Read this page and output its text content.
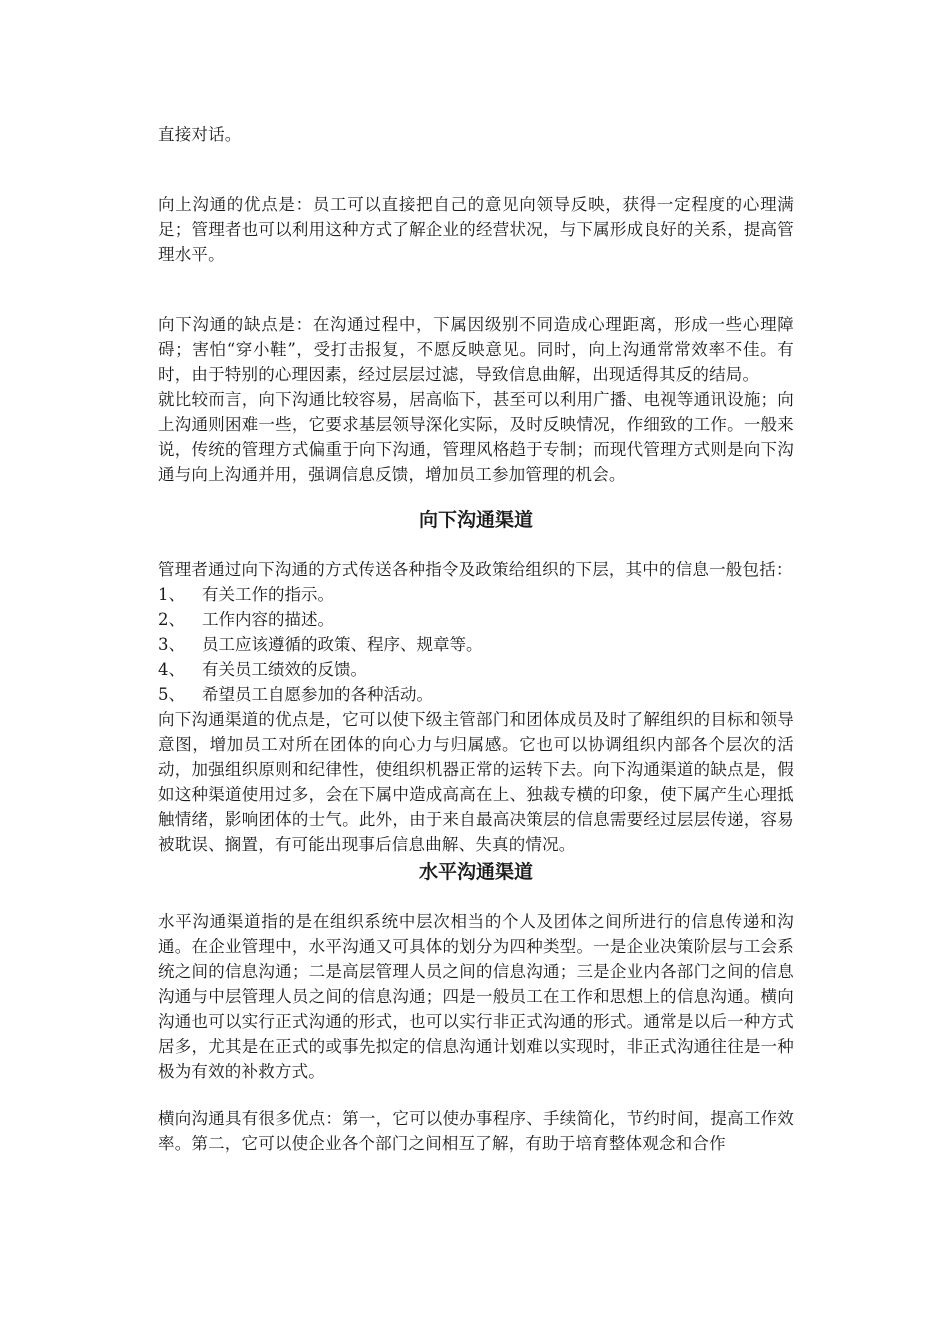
直接对话。

向上沟通的优点是：员工可以直接把自己的意见向领导反映，获得一定程度的心理满足；管理者也可以利用这种方式了解企业的经营状况，与下属形成良好的关系，提高管理水平。

向下沟通的缺点是：在沟通过程中，下属因级别不同造成心理距离，形成一些心理障碍；害怕“穿小鞋”，受打击报复，不愿反映意见。同时，向上沟通常常效率不佳。有时，由于特别的心理因素，经过层层过滤，导致信息曲解，出现适得其反的结局。

就比较而言，向下沟通比较容易，居高临下，甚至可以利用广播、电视等通讯设施；向上沟通则困难一些，它要求基层领导深化实际，及时反映情况，作细致的工作。一般来说，传统的管理方式偏重于向下沟通，管理风格趋于专制；而现代管理方式则是向下沟通与向上沟通并用，强调信息反馈，增加员工参加管理的机会。

向下沟通渠道

管理者通过向下沟通的方式传送各种指令及政策给组织的下层，其中的信息一般包括：

1、	有关工作的指示。
2、	工作内容的描述。
3、	员工应该遵循的政策、程序、规章等。
4、	有关员工绩效的反馈。
5、	希望员工自愿参加的各种活动。

向下沟通渠道的优点是，它可以使下级主管部门和团体成员及时了解组织的目标和领导意图，增加员工对所在团体的向心力与归属感。它也可以协调组织内部各个层次的活动，加强组织原则和纪律性，使组织机器正常的运转下去。向下沟通渠道的缺点是，假如这种渠道使用过多，会在下属中造成高高在上、独裁专横的印象，使下属产生心理抵触情绪，影响团体的士气。此外，由于来自最高决策层的信息需要经过层层传递，容易被耽误、搁置，有可能出现事后信息曲解、失真的情况。

水平沟通渠道

水平沟通渠道指的是在组织系统中层次相当的个人及团体之间所进行的信息传递和沟通。在企业管理中，水平沟通又可具体的划分为四种类型。一是企业决策阶层与工会系统之间的信息沟通；二是高层管理人员之间的信息沟通；三是企业内各部门之间的信息沟通与中层管理人员之间的信息沟通；四是一般员工在工作和思想上的信息沟通。横向沟通也可以实行正式沟通的形式，也可以实行非正式沟通的形式。通常是以后一种方式居多，尤其是在正式的或事先拟定的信息沟通计划难以实现时，非正式沟通往往是一种极为有效的补救方式。

横向沟通具有很多优点：第一，它可以使办事程序、手续简化，节约时间，提高工作效率。第二，它可以使企业各个部门之间相互了解，有助于培育整体观念和合作
